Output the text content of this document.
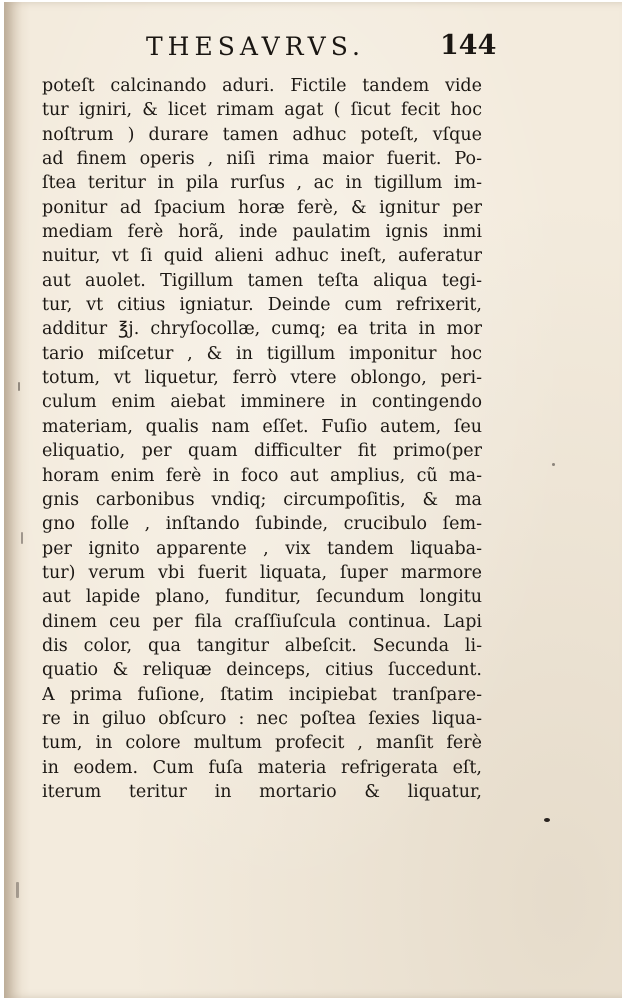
THESAVRVS.	144
poteſt calcinando aduri. Fictile tandem vide
tur igniri, & licet rimam agat ( ſicut fecit hoc
noſtrum ) durare tamen adhuc poteſt, vſque
ad finem operis , niſi rima maior fuerit. Po-
ſtea teritur in pila rurſus , ac in tigillum im-
ponitur ad ſpacium horæ ferè, & ignitur per
mediam ferè horã, inde paulatim ignis inmi
nuitur, vt ſi quid alieni adhuc ineſt, auferatur
aut auolet. Tigillum tamen teſta aliqua tegi-
tur, vt citius igniatur. Deinde cum refrixerit,
additur ℥j. chryſocollæ, cumq; ea trita in mor
tario miſcetur , & in tigillum imponitur hoc
totum, vt liquetur, ferrò vtere oblongo, peri-
culum enim aiebat imminere in contingendo
materiam, qualis nam eſſet. Fuſio autem, ſeu
eliquatio, per quam difficulter fit primo(per
horam enim ferè in foco aut amplius, cũ ma-
gnis carbonibus vndiq; circumpoſitis, & ma
gno folle , inſtando ſubinde, crucibulo ſem-
per ignito apparente , vix tandem liquaba-
tur) verum vbi fuerit liquata, ſuper marmore
aut lapide plano, funditur, ſecundum longitu
dinem ceu per fila craſſiuſcula continua. Lapi
dis color, qua tangitur albeſcit. Secunda li-
quatio & reliquæ deinceps, citius ſuccedunt.
A prima fuſione, ſtatim incipiebat tranſpare-
re in giluo obſcuro : nec poſtea ſexies liqua-
tum, in colore multum profecit , manſit ferè
in eodem. Cum fuſa materia refrigerata eſt,
iterum teritur in mortario & liquatur,
